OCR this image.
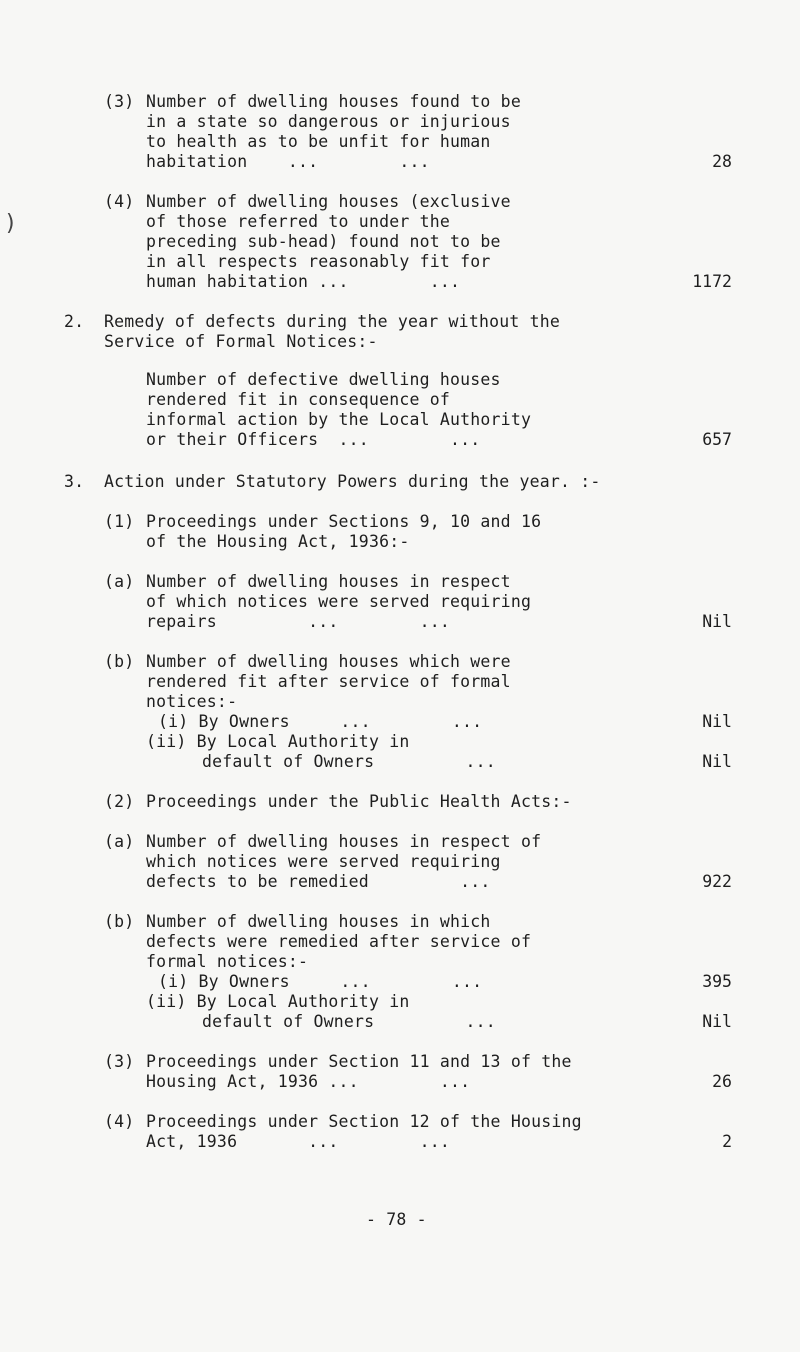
)
(3) Number of dwelling houses found to be
in a state so dangerous or injurious
to health as to be unfit for human
habitation    ...        ...	28
(4) Number of dwelling houses (exclusive
of those referred to under the
preceding sub-head) found not to be
in all respects reasonably fit for
human habitation ...        ...	1172
2. Remedy of defects during the year without the
Service of Formal Notices:-
Number of defective dwelling houses
rendered fit in consequence of
informal action by the Local Authority
or their Officers  ...        ...	657
3. Action under Statutory Powers during the year. :-
(1) Proceedings under Sections 9, 10 and 16
of the Housing Act, 1936:-
(a) Number of dwelling houses in respect
of which notices were served requiring
repairs         ...        ...	Nil
(b) Number of dwelling houses which were
rendered fit after service of formal
notices:-
(i) By Owners     ...        ...	Nil
(ii) By Local Authority in
default of Owners         ...	Nil
(2) Proceedings under the Public Health Acts:-
(a) Number of dwelling houses in respect of
which notices were served requiring
defects to be remedied         ...	922
(b) Number of dwelling houses in which
defects were remedied after service of
formal notices:-
(i) By Owners     ...        ...	395
(ii) By Local Authority in
default of Owners         ...	Nil
(3) Proceedings under Section 11 and 13 of the
Housing Act, 1936 ...        ...	26
(4) Proceedings under Section 12 of the Housing
Act, 1936       ...        ...	2
- 78 -
